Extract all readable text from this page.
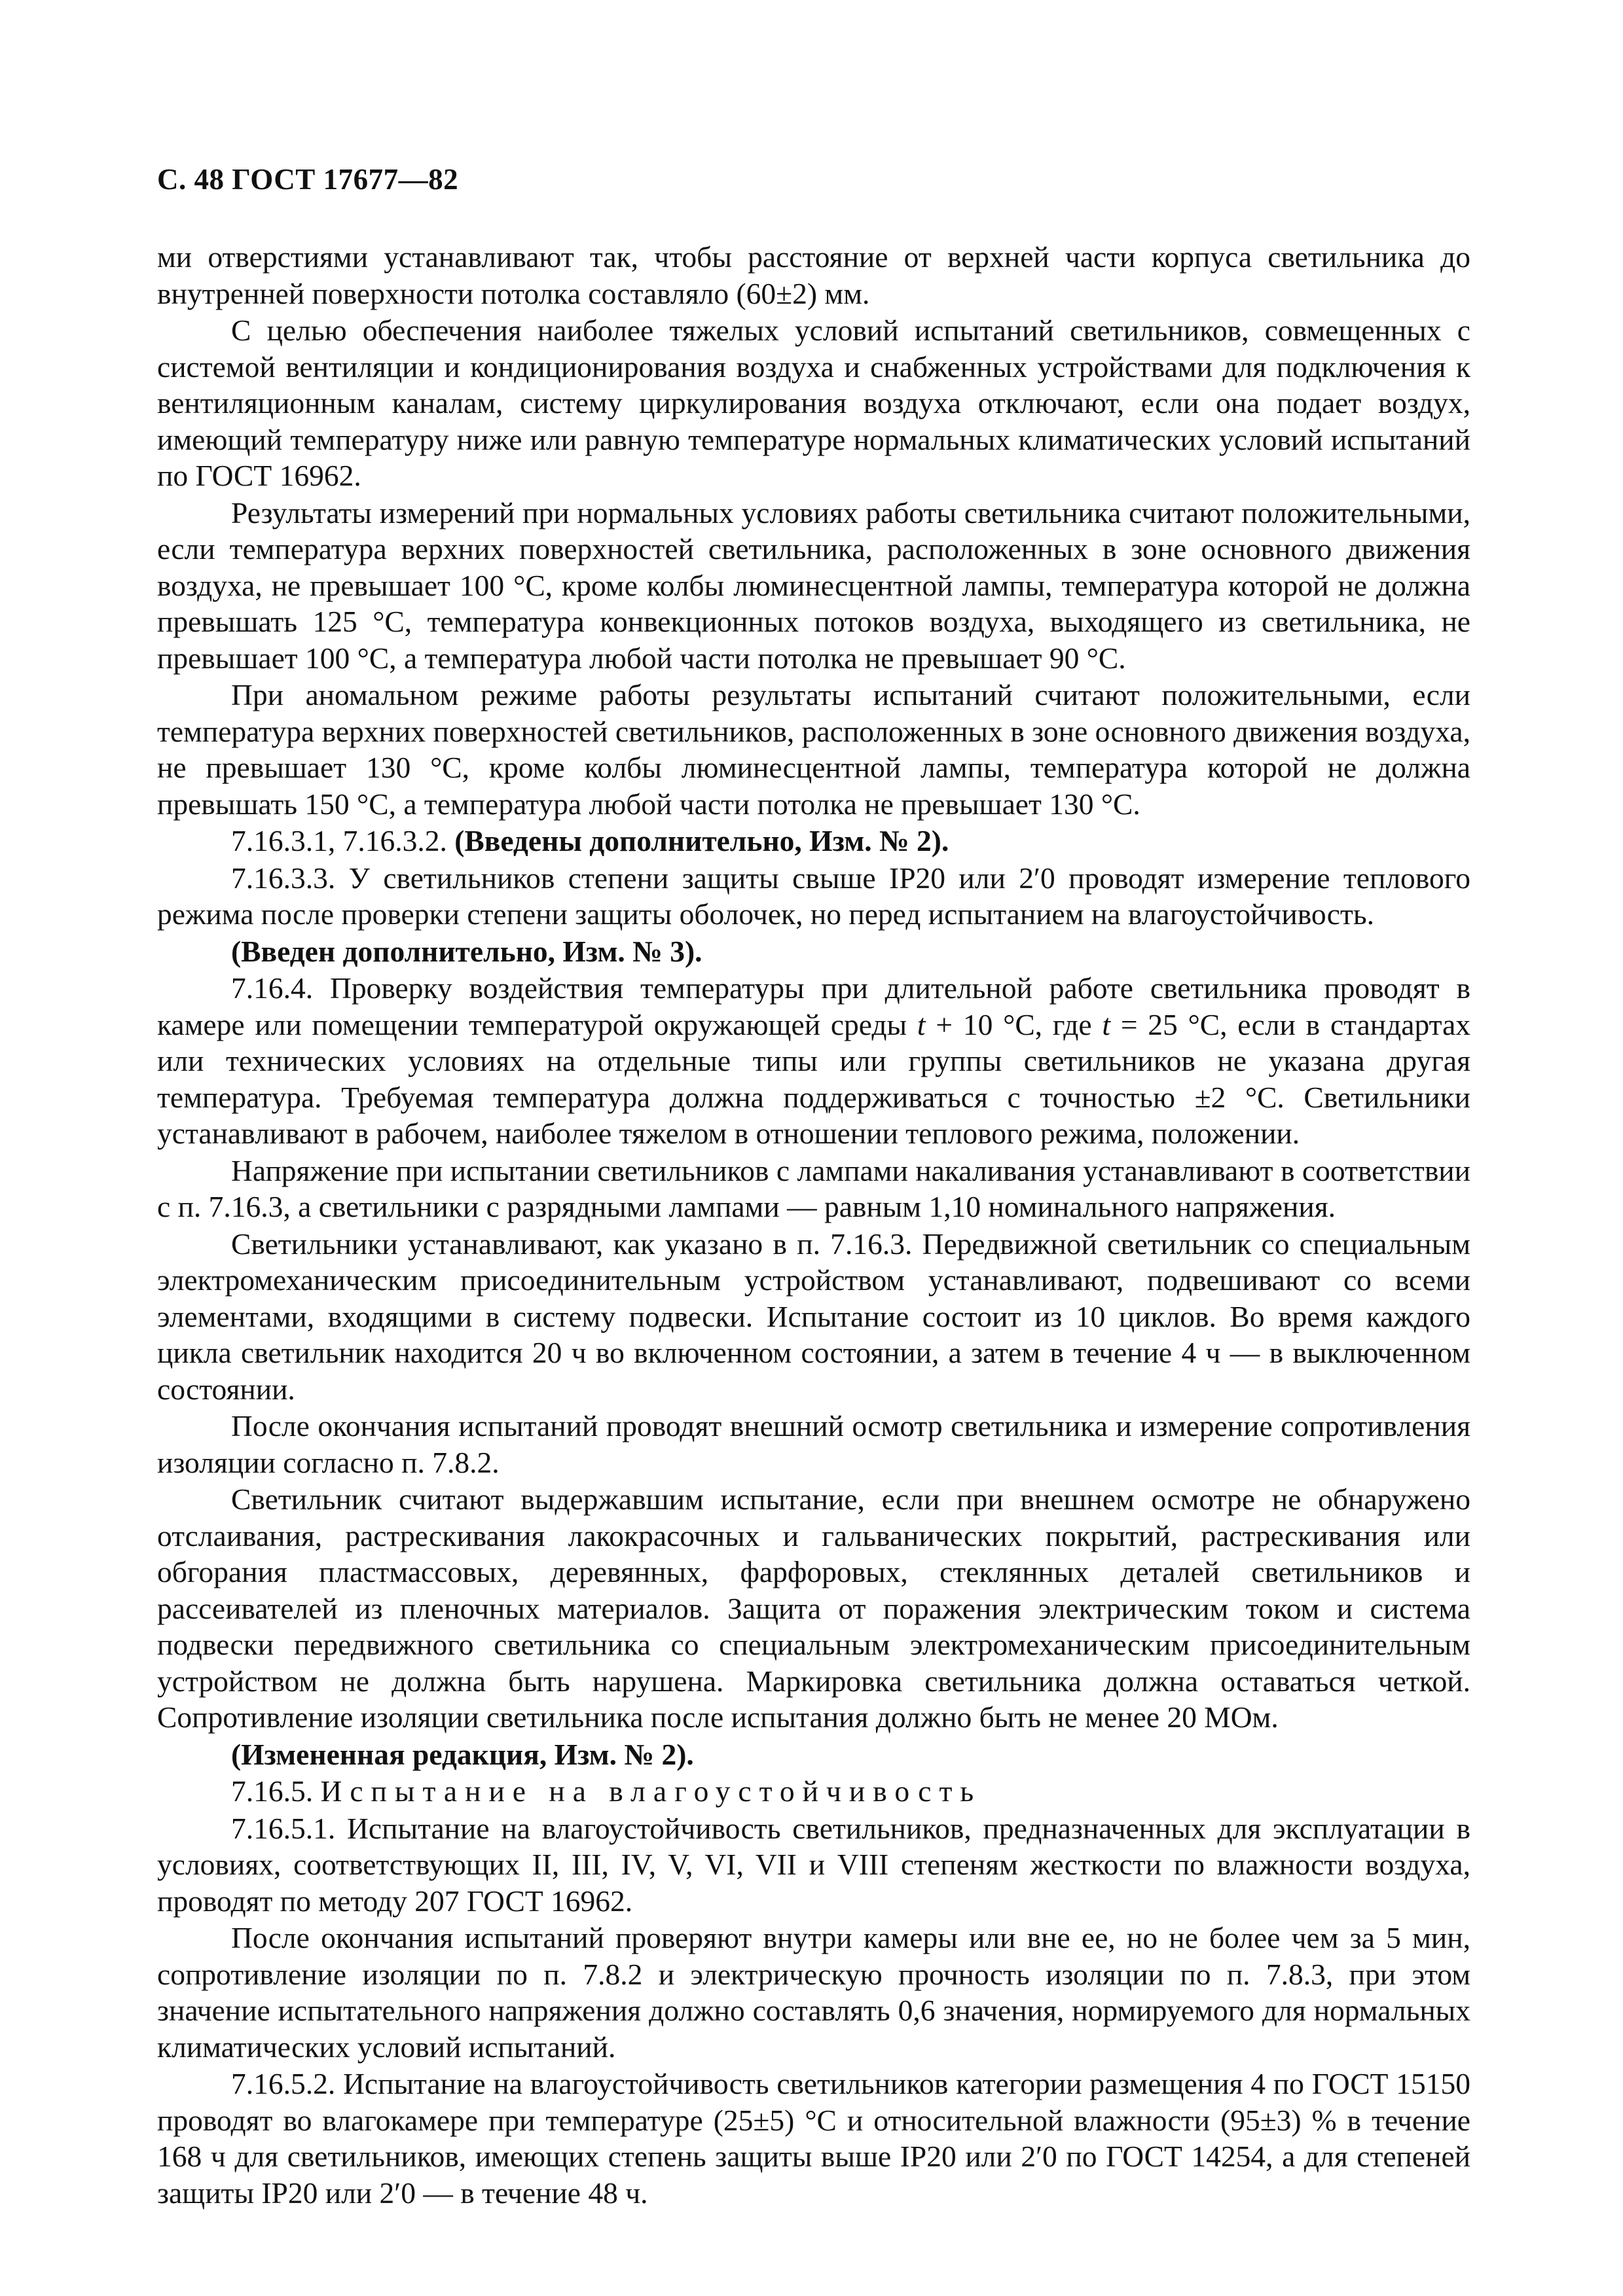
С. 48 ГОСТ 17677—82

ми отверстиями устанавливают так, чтобы расстояние от верхней части корпуса светильника до внутренней поверхности потолка составляло (60±2) мм.

С целью обеспечения наиболее тяжелых условий испытаний светильников, совмещенных с системой вентиляции и кондиционирования воздуха и снабженных устройствами для подключения к вентиляционным каналам, систему циркулирования воздуха отключают, если она подает воздух, имеющий температуру ниже или равную температуре нормальных климатических условий испытаний по ГОСТ 16962.

Результаты измерений при нормальных условиях работы светильника считают положительными, если температура верхних поверхностей светильника, расположенных в зоне основного движения воздуха, не превышает 100 °С, кроме колбы люминесцентной лампы, температура которой не должна превышать 125 °С, температура конвекционных потоков воздуха, выходящего из светильника, не превышает 100 °С, а температура любой части потолка не превышает 90 °С.

При аномальном режиме работы результаты испытаний считают положительными, если температура верхних поверхностей светильников, расположенных в зоне основного движения воздуха, не превышает 130 °С, кроме колбы люминесцентной лампы, температура которой не должна превышать 150 °С, а температура любой части потолка не превышает 130 °С.

7.16.3.1, 7.16.3.2. (Введены дополнительно, Изм. № 2).

7.16.3.3. У светильников степени защиты свыше IP20 или 2′0 проводят измерение теплового режима после проверки степени защиты оболочек, но перед испытанием на влагоустойчивость.

(Введен дополнительно, Изм. № 3).

7.16.4. Проверку воздействия температуры при длительной работе светильника проводят в камере или помещении температурой окружающей среды t + 10 °С, где t = 25 °С, если в стандартах или технических условиях на отдельные типы или группы светильников не указана другая температура. Требуемая температура должна поддерживаться с точностью ±2 °С. Светильники устанавливают в рабочем, наиболее тяжелом в отношении теплового режима, положении.

Напряжение при испытании светильников с лампами накаливания устанавливают в соответствии с п. 7.16.3, а светильники с разрядными лампами — равным 1,10 номинального напряжения.

Светильники устанавливают, как указано в п. 7.16.3. Передвижной светильник со специальным электромеханическим присоединительным устройством устанавливают, подвешивают со всеми элементами, входящими в систему подвески. Испытание состоит из 10 циклов. Во время каждого цикла светильник находится 20 ч во включенном состоянии, а затем в течение 4 ч — в выключенном состоянии.

После окончания испытаний проводят внешний осмотр светильника и измерение сопротивления изоляции согласно п. 7.8.2.

Светильник считают выдержавшим испытание, если при внешнем осмотре не обнаружено отслаивания, растрескивания лакокрасочных и гальванических покрытий, растрескивания или обгорания пластмассовых, деревянных, фарфоровых, стеклянных деталей светильников и рассеивателей из пленочных материалов. Защита от поражения электрическим током и система подвески передвижного светильника со специальным электромеханическим присоединительным устройством не должна быть нарушена. Маркировка светильника должна оставаться четкой. Сопротивление изоляции светильника после испытания должно быть не менее 20 МОм.

(Измененная редакция, Изм. № 2).

7.16.5. Испытание на влагоустойчивость

7.16.5.1. Испытание на влагоустойчивость светильников, предназначенных для эксплуатации в условиях, соответствующих II, III, IV, V, VI, VII и VIII степеням жесткости по влажности воздуха, проводят по методу 207 ГОСТ 16962.

После окончания испытаний проверяют внутри камеры или вне ее, но не более чем за 5 мин, сопротивление изоляции по п. 7.8.2 и электрическую прочность изоляции по п. 7.8.3, при этом значение испытательного напряжения должно составлять 0,6 значения, нормируемого для нормальных климатических условий испытаний.

7.16.5.2. Испытание на влагоустойчивость светильников категории размещения 4 по ГОСТ 15150 проводят во влагокамере при температуре (25±5) °С и относительной влажности (95±3) % в течение 168 ч для светильников, имеющих степень защиты выше IP20 или 2′0 по ГОСТ 14254, а для степеней защиты IP20 или 2′0 — в течение 48 ч.
